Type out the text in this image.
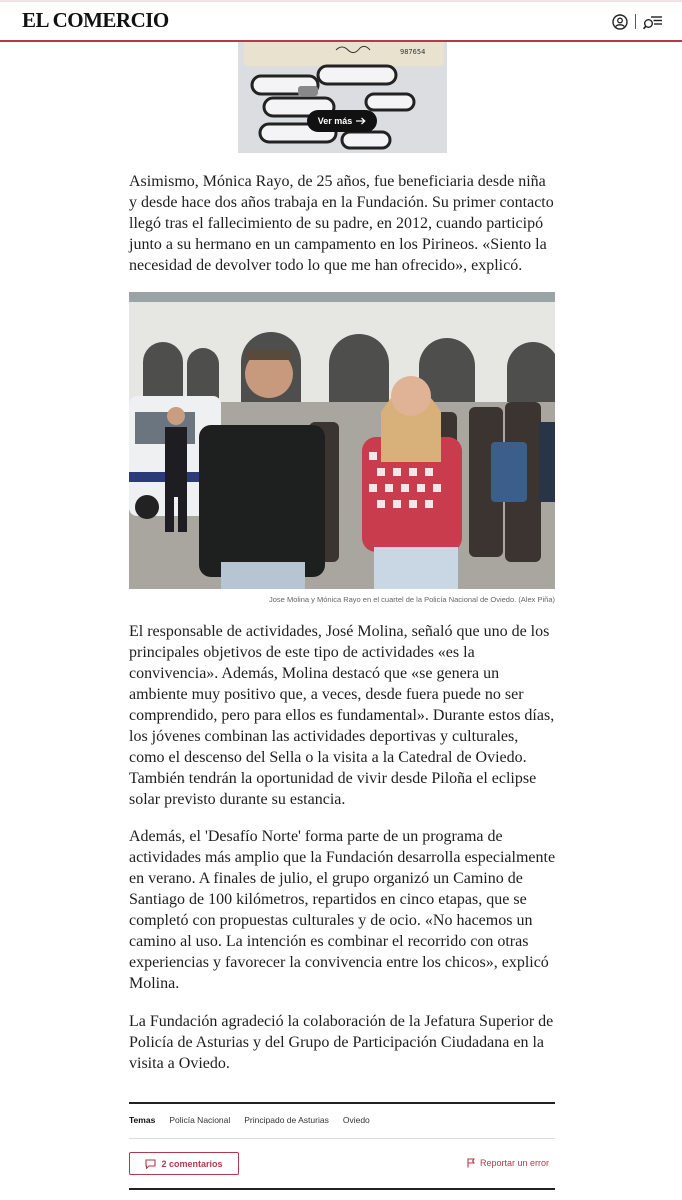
EL COMERCIO
987654
Ver más

Asimismo, Mónica Rayo, de 25 años, fue beneficiaria desde niña y desde hace dos años trabaja en la Fundación. Su primer contacto llegó tras el fallecimiento de su padre, en 2012, cuando participó junto a su hermano en un campamento en los Pirineos. «Siento la necesidad de devolver todo lo que me han ofrecido», explicó.

Jose Molina y Mónica Rayo en el cuartel de la Policía Nacional de Oviedo. (Alex Piña)

El responsable de actividades, José Molina, señaló que uno de los principales objetivos de este tipo de actividades «es la convivencia». Además, Molina destacó que «se genera un ambiente muy positivo que, a veces, desde fuera puede no ser comprendido, pero para ellos es fundamental». Durante estos días, los jóvenes combinan las actividades deportivas y culturales, como el descenso del Sella o la visita a la Catedral de Oviedo. También tendrán la oportunidad de vivir desde Piloña el eclipse solar previsto durante su estancia.

Además, el 'Desafío Norte' forma parte de un programa de actividades más amplio que la Fundación desarrolla especialmente en verano. A finales de julio, el grupo organizó un Camino de Santiago de 100 kilómetros, repartidos en cinco etapas, que se completó con propuestas culturales y de ocio. «No hacemos un camino al uso. La intención es combinar el recorrido con otras experiencias y favorecer la convivencia entre los chicos», explicó Molina.

La Fundación agradeció la colaboración de la Jefatura Superior de Policía de Asturias y del Grupo de Participación Ciudadana en la visita a Oviedo.

Temas Policía Nacional Principado de Asturias Oviedo
2 comentarios	Reportar un error
